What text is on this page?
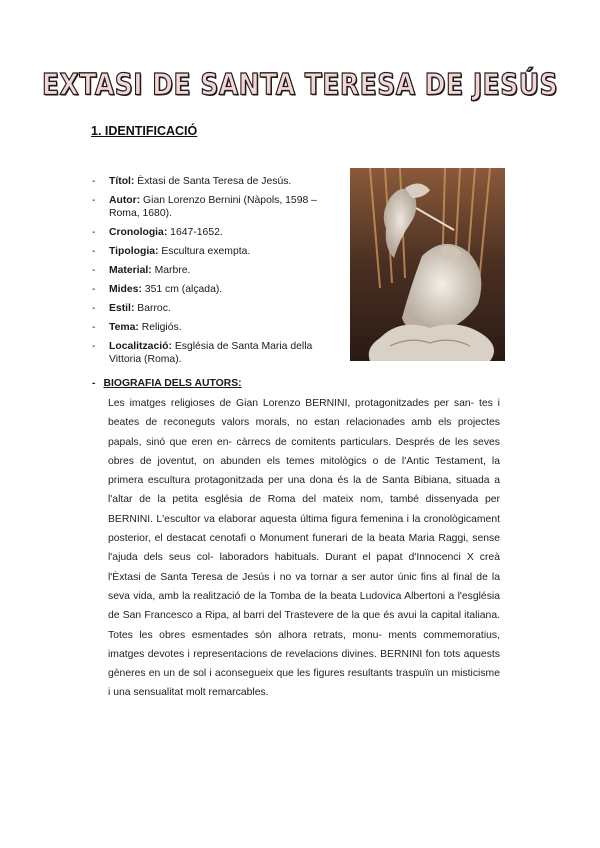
EXTASI DE SANTA TERESA DE JESÚS
1. IDENTIFICACIÓ
- Títol: Èxtasi de Santa Teresa de Jesús.
- Autor: Gian Lorenzo Bernini (Nàpols, 1598 – Roma, 1680).
- Cronologia: 1647-1652.
- Tipologia: Escultura exempta.
- Material: Marbre.
- Mides: 351 cm (alçada).
- Estil: Barroc.
- Tema: Religiós.
- Localització: Església de Santa Maria della Vittoria (Roma).
- BIOGRAFIA DELS AUTORS:

Les imatges religioses de Gian Lorenzo BERNINI, protagonitzades per san- tes i beates de reconeguts valors morals, no estan relacionades amb els projectes papals, sinó que eren en- càrrecs de comitents particulars. Després de les seves obres de joventut, on abunden els temes mitològics o de l'Antic Testament, la primera escultura protagonitzada per una dona és la de Santa Bibiana, situada a l'altar de la petita església de Roma del mateix nom, també dissenyada per BERNINI. L'escultor va elaborar aquesta última figura femenina i la cronològicament posterior, el destacat cenotafi o Monument funerari de la beata Maria Raggi, sense l'ajuda dels seus col- laboradors habituals. Durant el papat d'Innocenci X creà l'Èxtasi de Santa Teresa de Jesús i no va tornar a ser autor únic fins al final de la seva vida, amb la realització de la Tomba de la beata Ludovica Albertoni a l'església de San Francesco a Ripa, al barri del Trastevere de la que és avui la capital italiana. Totes les obres esmentades són alhora retrats, monu- ments commemoratius, imatges devotes i representacions de revelacions divines. BERNINI fon tots aquests gèneres en un de sol i aconsegueix que les figures resultants traspuïn un misticisme i una sensualitat molt remarcables.
